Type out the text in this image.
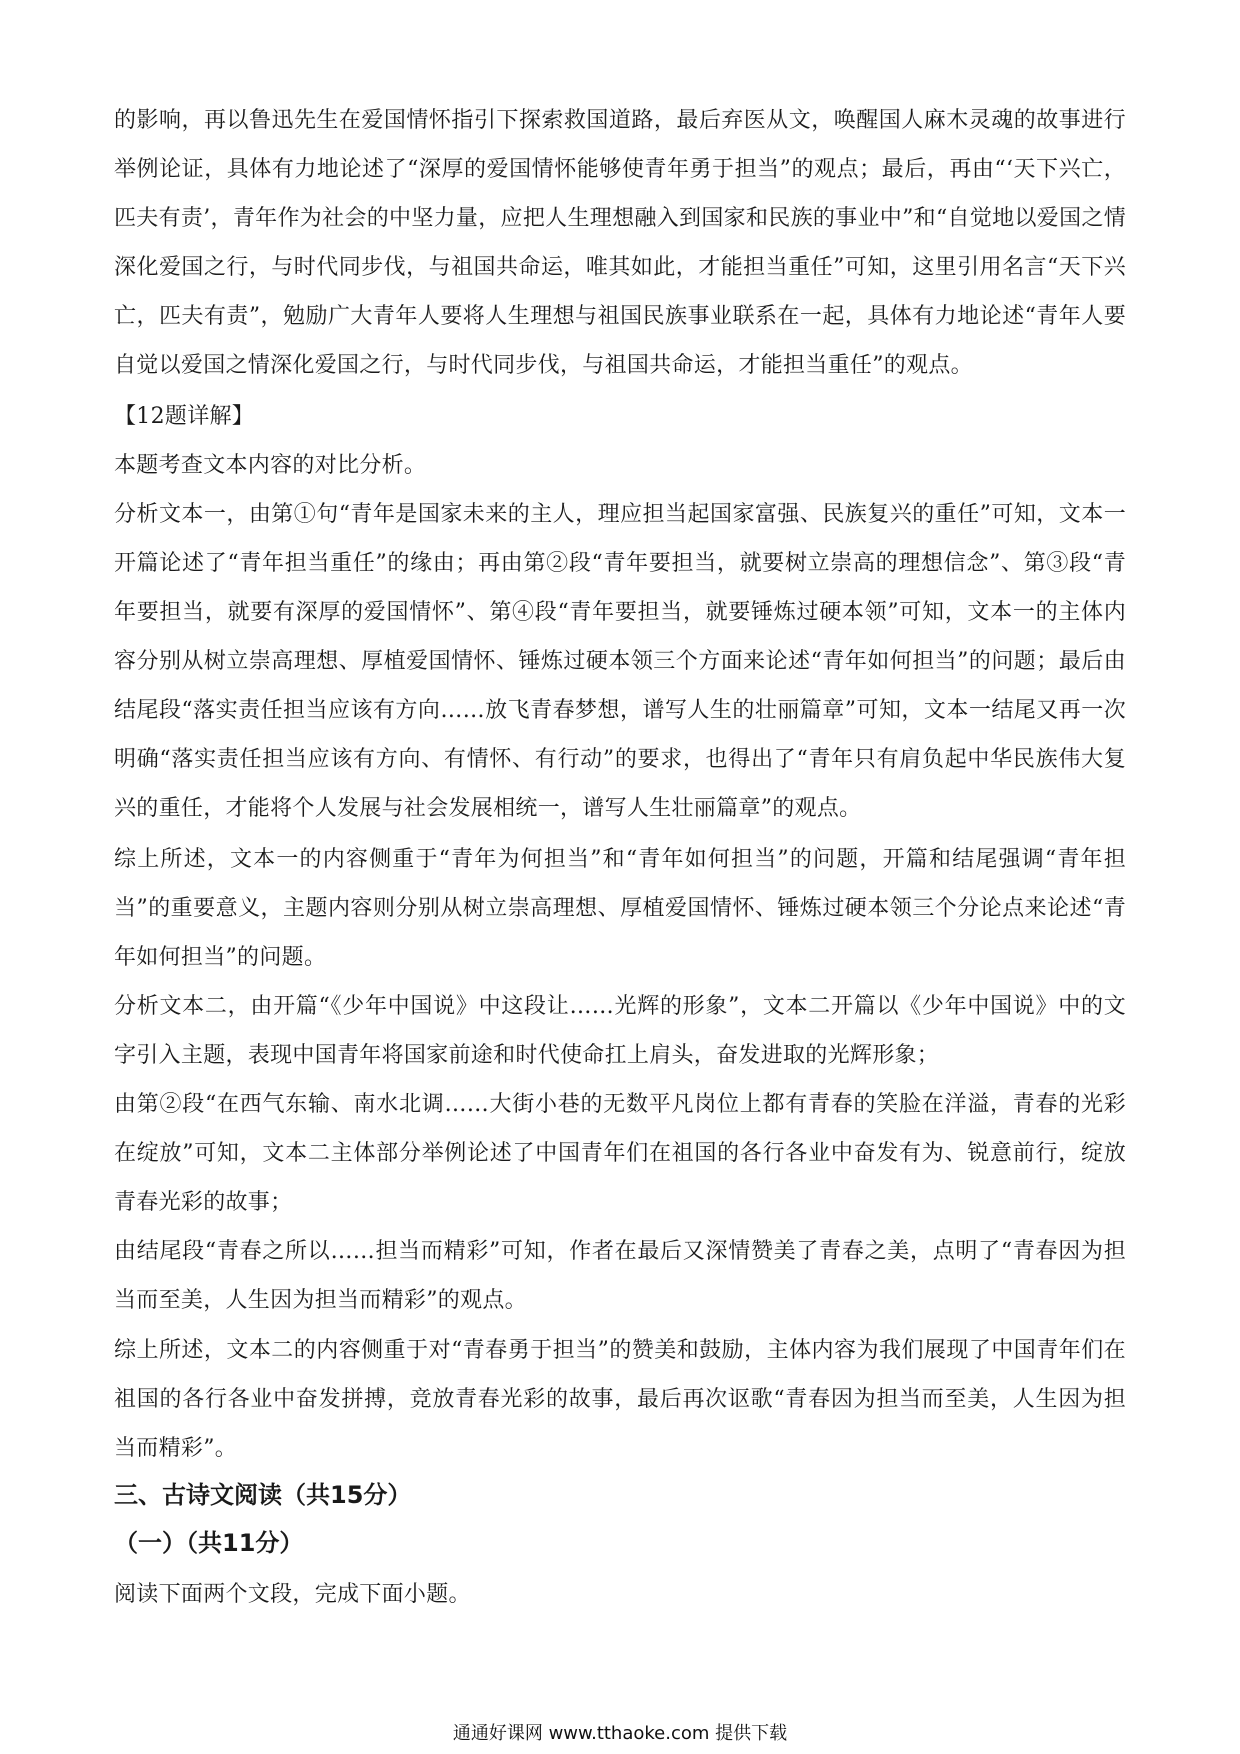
的影响，再以鲁迅先生在爱国情怀指引下探索救国道路，最后弃医从文，唤醒国人麻木灵魂的故事进行举例论证，具体有力地论述了“深厚的爱国情怀能够使青年勇于担当”的观点；最后，再由“‘天下兴亡，匹夫有责’，青年作为社会的中坚力量，应把人生理想融入到国家和民族的事业中”和“自觉地以爱国之情深化爱国之行，与时代同步伐，与祖国共命运，唯其如此，才能担当重任”可知，这里引用名言“天下兴亡，匹夫有责”，勉励广大青年人要将人生理想与祖国民族事业联系在一起，具体有力地论述“青年人要自觉以爱国之情深化爱国之行，与时代同步伐，与祖国共命运，才能担当重任”的观点。

【12题详解】

本题考查文本内容的对比分析。

分析文本一，由第①句“青年是国家未来的主人，理应担当起国家富强、民族复兴的重任”可知，文本一开篇论述了“青年担当重任”的缘由；再由第②段“青年要担当，就要树立崇高的理想信念”、第③段“青年要担当，就要有深厚的爱国情怀”、第④段“青年要担当，就要锤炼过硬本领”可知，文本一的主体内容分别从树立崇高理想、厚植爱国情怀、锤炼过硬本领三个方面来论述“青年如何担当”的问题；最后由结尾段“落实责任担当应该有方向……放飞青春梦想，谱写人生的壮丽篇章”可知，文本一结尾又再一次明确“落实责任担当应该有方向、有情怀、有行动”的要求，也得出了“青年只有肩负起中华民族伟大复兴的重任，才能将个人发展与社会发展相统一，谱写人生壮丽篇章”的观点。

综上所述，文本一的内容侧重于“青年为何担当”和“青年如何担当”的问题，开篇和结尾强调“青年担当”的重要意义，主题内容则分别从树立崇高理想、厚植爱国情怀、锤炼过硬本领三个分论点来论述“青年如何担当”的问题。

分析文本二，由开篇“《少年中国说》中这段让……光辉的形象”，文本二开篇以《少年中国说》中的文字引入主题，表现中国青年将国家前途和时代使命扛上肩头，奋发进取的光辉形象；

由第②段“在西气东输、南水北调……大街小巷的无数平凡岗位上都有青春的笑脸在洋溢，青春的光彩在绽放”可知，文本二主体部分举例论述了中国青年们在祖国的各行各业中奋发有为、锐意前行，绽放青春光彩的故事；

由结尾段“青春之所以……担当而精彩”可知，作者在最后又深情赞美了青春之美，点明了“青春因为担当而至美，人生因为担当而精彩”的观点。

综上所述，文本二的内容侧重于对“青春勇于担当”的赞美和鼓励，主体内容为我们展现了中国青年们在祖国的各行各业中奋发拼搏，竞放青春光彩的故事，最后再次讴歌“青春因为担当而至美，人生因为担当而精彩”。

三、古诗文阅读（共15分）

（一）（共11分）

阅读下面两个文段，完成下面小题。

通通好课网 www.tthaoke.com 提供下载
